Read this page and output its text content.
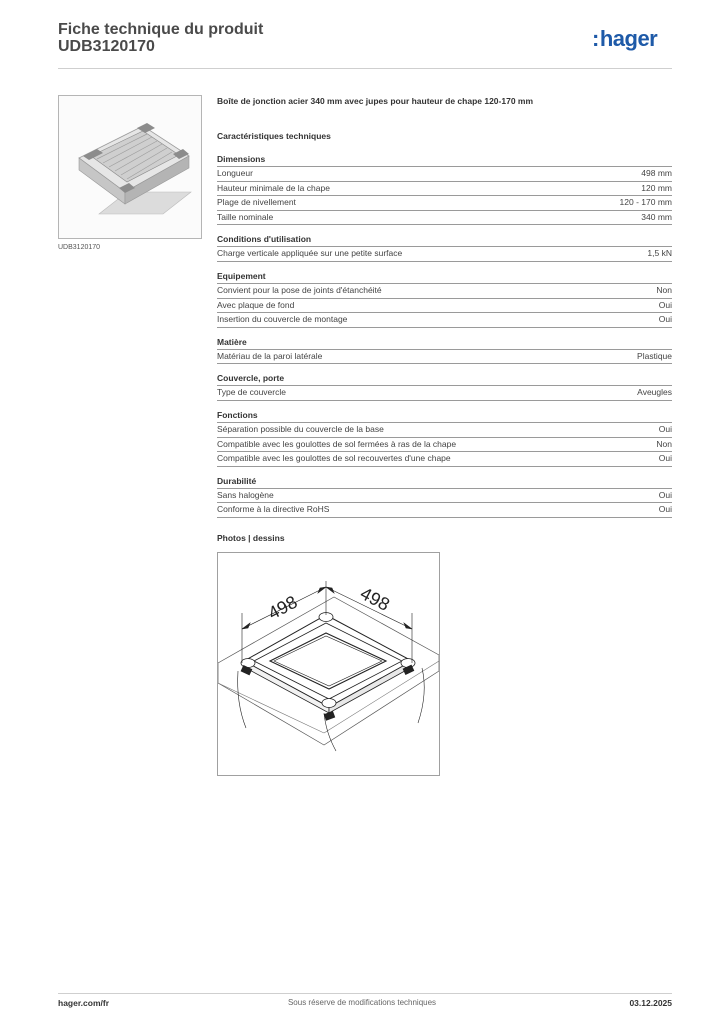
Fiche technique du produit
UDB3120170	:hager
UDB3120170

Boîte de jonction acier 340 mm avec jupes pour hauteur de chape 120-170 mm

Caractéristiques techniques
Dimensions
Longueur	498 mm
Hauteur minimale de la chape	120 mm
Plage de nivellement	120 - 170 mm
Taille nominale	340 mm
Conditions d'utilisation
Charge verticale appliquée sur une petite surface	1,5 kN
Equipement
Convient pour la pose de joints d'étanchéité	Non
Avec plaque de fond	Oui
Insertion du couvercle de montage	Oui
Matière
Matériau de la paroi latérale	Plastique
Couvercle, porte
Type de couvercle	Aveugles
Fonctions
Séparation possible du couvercle de la base	Oui
Compatible avec les goulottes de sol fermées à ras de la chape	Non
Compatible avec les goulottes de sol recouvertes d'une chape	Oui
Durabilité
Sans halogène	Oui
Conforme à la directive RoHS	Oui
Photos | dessins
498	498
hager.com/fr	Sous réserve de modifications techniques	03.12.2025
